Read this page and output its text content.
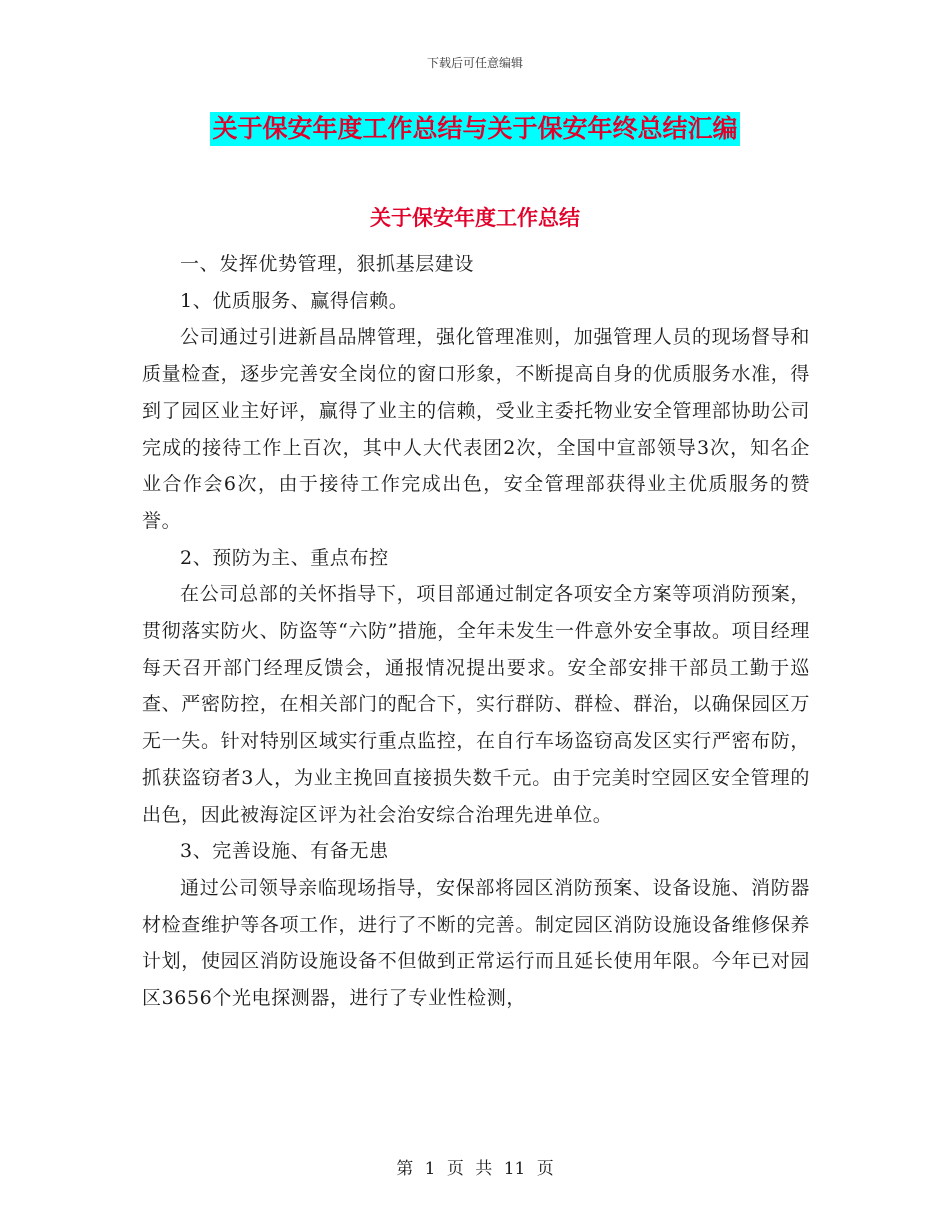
下载后可任意编辑
关于保安年度工作总结与关于保安年终总结汇编
关于保安年度工作总结

一、发挥优势管理，狠抓基层建设

1、优质服务、赢得信赖。

公司通过引进新昌品牌管理，强化管理准则，加强管理人员的现场督导和质量检查，逐步完善安全岗位的窗口形象，不断提高自身的优质服务水准，得到了园区业主好评，赢得了业主的信赖，受业主委托物业安全管理部协助公司完成的接待工作上百次，其中人大代表团2次，全国中宣部领导3次，知名企业合作会6次，由于接待工作完成出色，安全管理部获得业主优质服务的赞誉。

2、预防为主、重点布控

在公司总部的关怀指导下，项目部通过制定各项安全方案等项消防预案，贯彻落实防火、防盗等“六防”措施，全年未发生一件意外安全事故。项目经理每天召开部门经理反馈会，通报情况提出要求。安全部安排干部员工勤于巡查、严密防控，在相关部门的配合下，实行群防、群检、群治，以确保园区万无一失。针对特别区域实行重点监控，在自行车场盗窃高发区实行严密布防，抓获盗窃者3人，为业主挽回直接损失数千元。由于完美时空园区安全管理的出色，因此被海淀区评为社会治安综合治理先进单位。

3、完善设施、有备无患

通过公司领导亲临现场指导，安保部将园区消防预案、设备设施、消防器材检查维护等各项工作，进行了不断的完善。制定园区消防设施设备维修保养计划，使园区消防设施设备不但做到正常运行而且延长使用年限。今年已对园区3656个光电探测器，进行了专业性检测，

第 1 页 共 11 页
